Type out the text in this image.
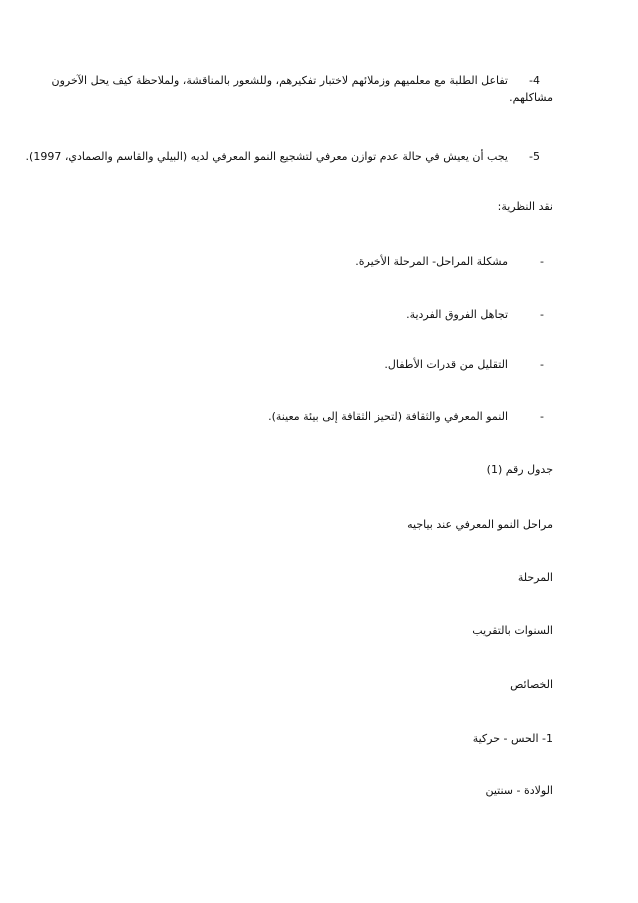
-4
تفاعل الطلبة مع معلميهم وزملائهم لاختبار تفكيرهم، وللشعور بالمناقشة، ولملاحظة كيف يحل الآخرون
مشاكلهم.
-5
يجب أن يعيش في حالة عدم توازن معرفي لتشجيع النمو المعرفي لديه (البيلي والقاسم والصمادي، 1997).
نقد النظرية:
-
مشكلة المراحل- المرحلة الأخيرة.
-
تجاهل الفروق الفردية.
-
التقليل من قدرات الأطفال.
-
النمو المعرفي والثقافة (لتحيز الثقافة إلى بيئة معينة).
جدول رقم (1)
مراحل النمو المعرفي عند بياجيه
المرحلة
السنوات بالتقريب
الخصائص
1- الحس - حركية
الولادة - سنتين
